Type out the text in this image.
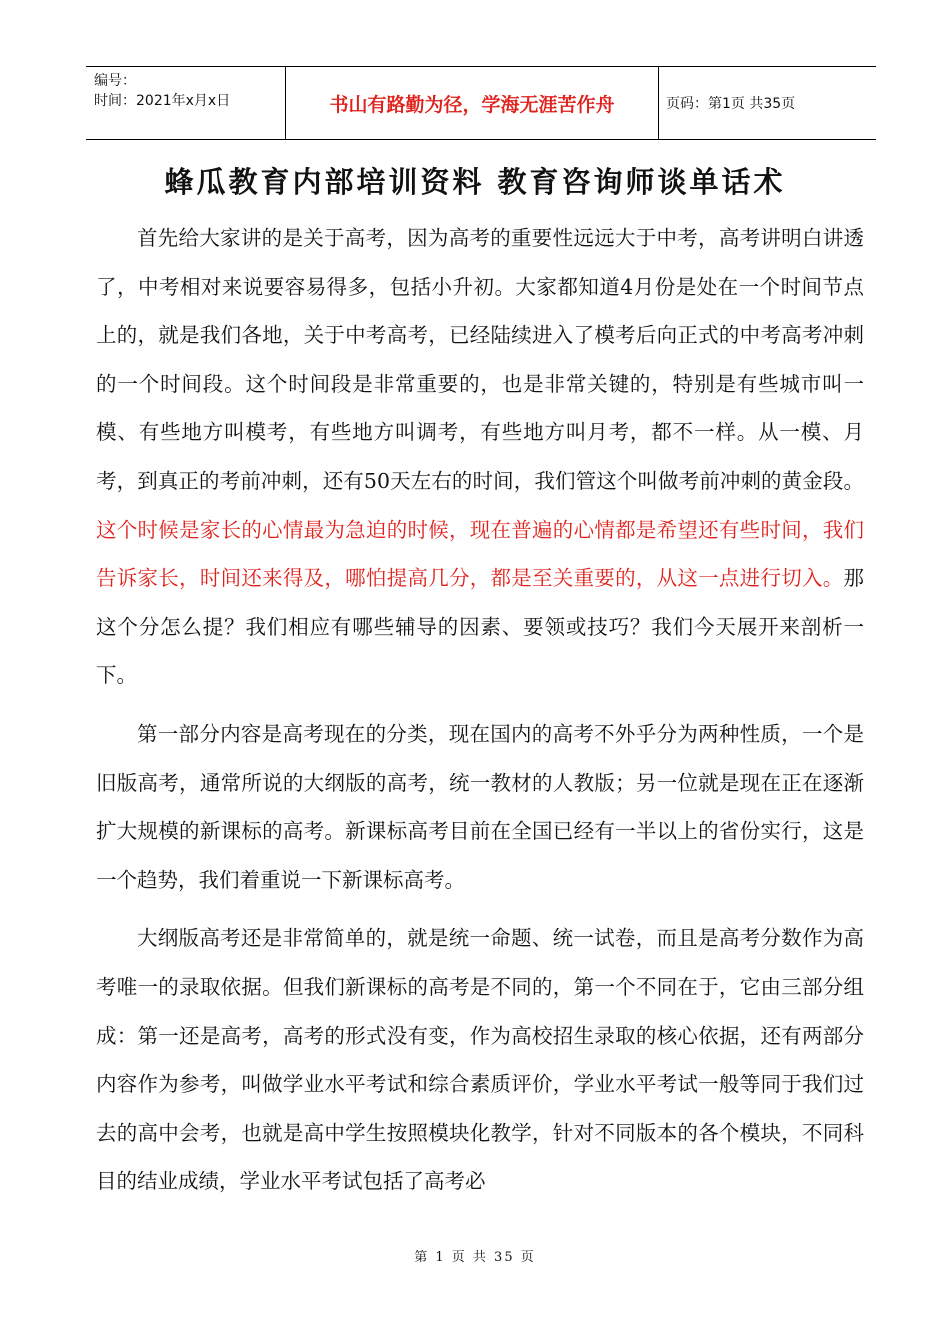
编号：
时间：2021年x月x日	书山有路勤为径，学海无涯苦作舟	页码：第1页 共35页
蜂瓜教育内部培训资料 教育咨询师谈单话术

首先给大家讲的是关于高考，因为高考的重要性远远大于中考，高考讲明白讲透了，中考相对来说要容易得多，包括小升初。大家都知道4月份是处在一个时间节点上的，就是我们各地，关于中考高考，已经陆续进入了模考后向正式的中考高考冲刺的一个时间段。这个时间段是非常重要的，也是非常关键的，特别是有些城市叫一模、有些地方叫模考，有些地方叫调考，有些地方叫月考，都不一样。从一模、月考，到真正的考前冲刺，还有50天左右的时间，我们管这个叫做考前冲刺的黄金段。这个时候是家长的心情最为急迫的时候，现在普遍的心情都是希望还有些时间，我们告诉家长，时间还来得及，哪怕提高几分，都是至关重要的，从这一点进行切入。那这个分怎么提？我们相应有哪些辅导的因素、要领或技巧？我们今天展开来剖析一下。

第一部分内容是高考现在的分类，现在国内的高考不外乎分为两种性质，一个是旧版高考，通常所说的大纲版的高考，统一教材的人教版；另一位就是现在正在逐渐扩大规模的新课标的高考。新课标高考目前在全国已经有一半以上的省份实行，这是一个趋势，我们着重说一下新课标高考。

大纲版高考还是非常简单的，就是统一命题、统一试卷，而且是高考分数作为高考唯一的录取依据。但我们新课标的高考是不同的，第一个不同在于，它由三部分组成：第一还是高考，高考的形式没有变，作为高校招生录取的核心依据，还有两部分内容作为参考，叫做学业水平考试和综合素质评价，学业水平考试一般等同于我们过去的高中会考，也就是高中学生按照模块化教学，针对不同版本的各个模块，不同科目的结业成绩，学业水平考试包括了高考必

第 1 页 共 35 页
